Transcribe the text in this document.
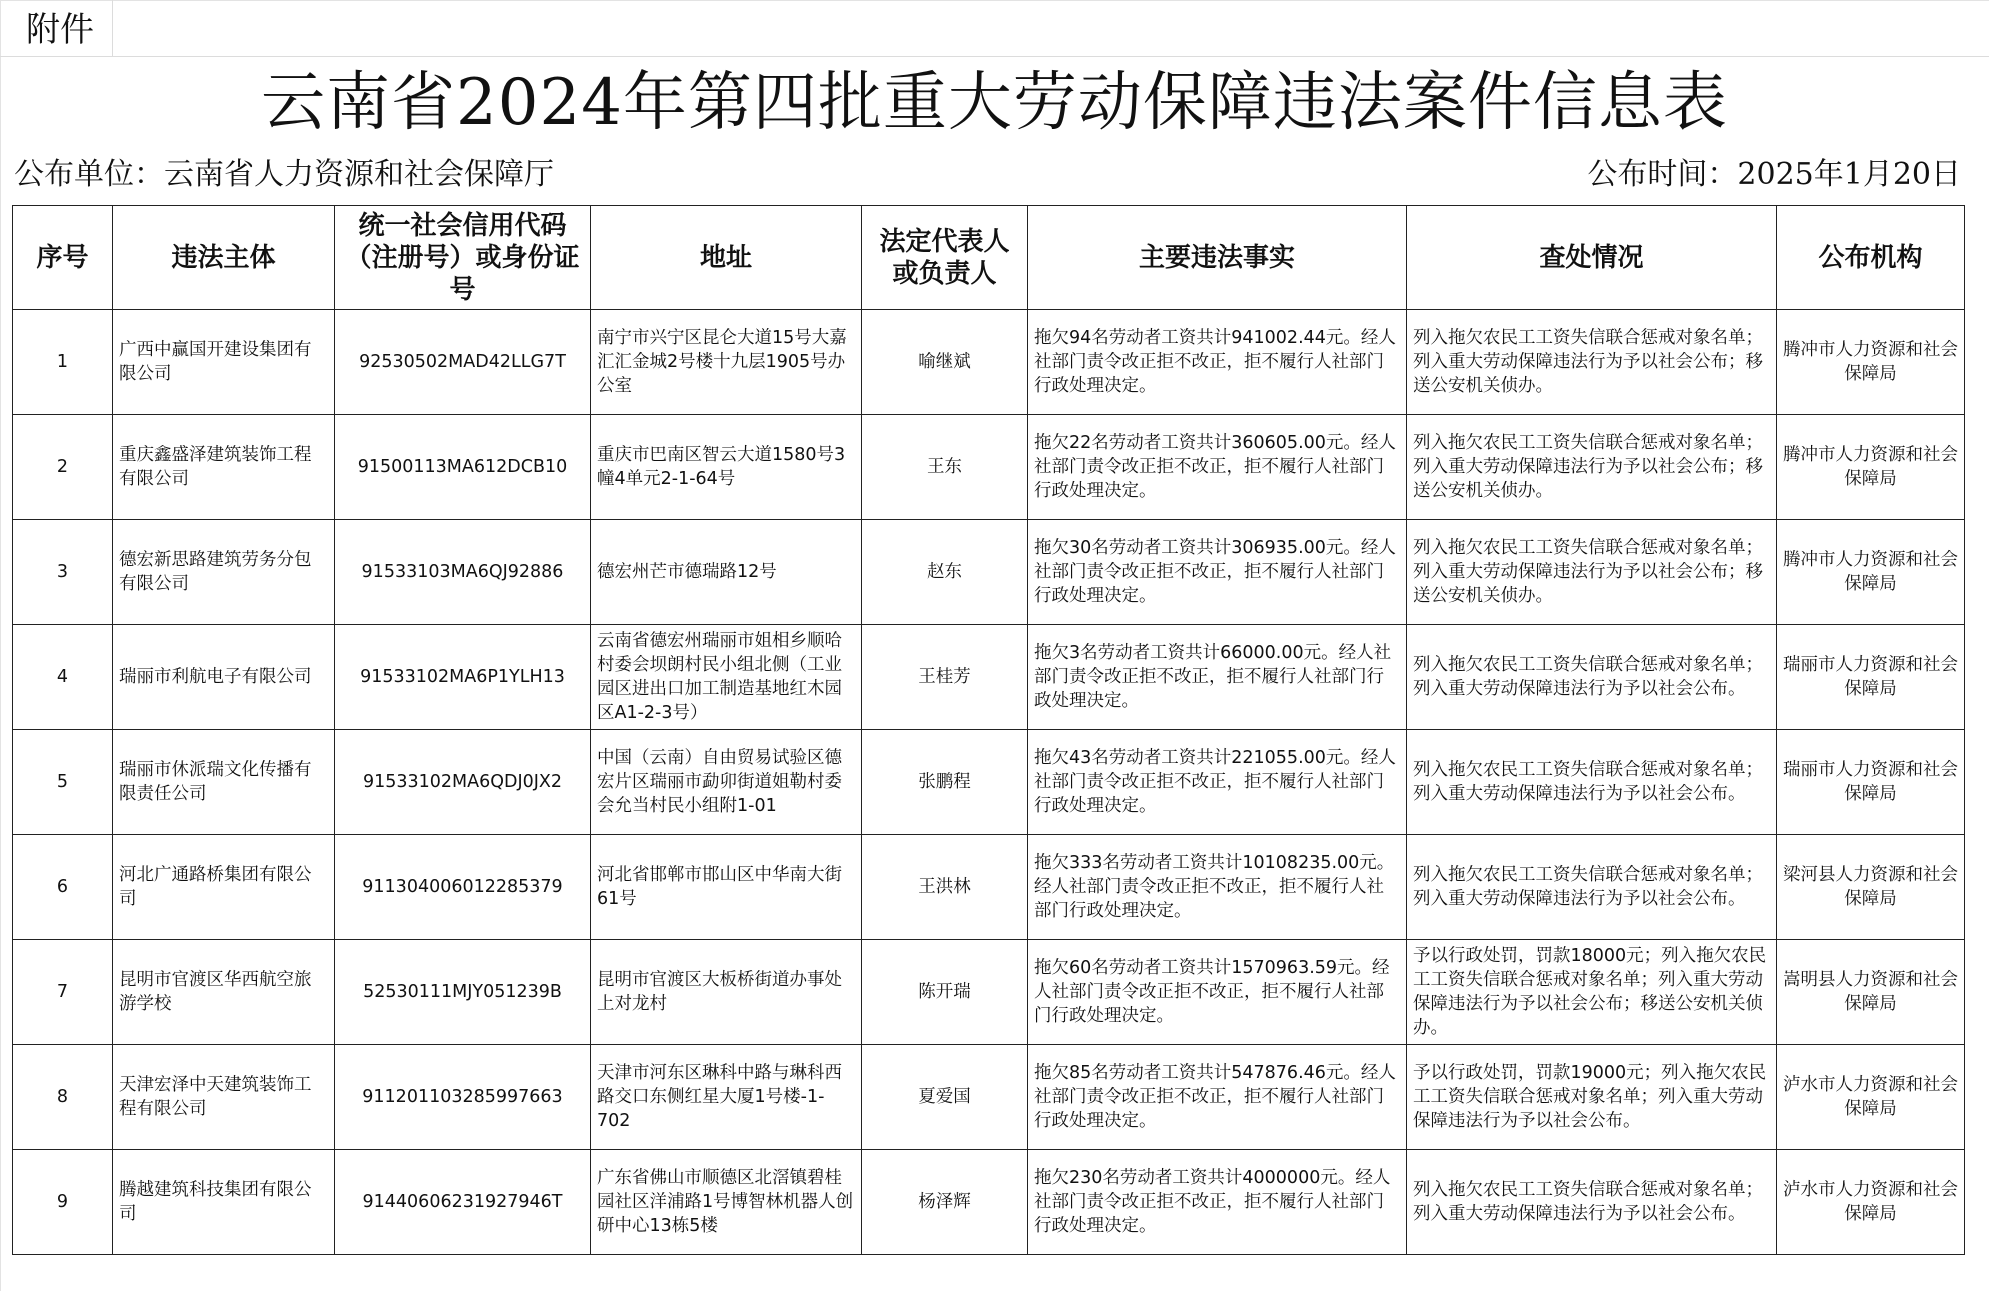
附件
云南省2024年第四批重大劳动保障违法案件信息表
公布单位：云南省人力资源和社会保障厅	公布时间：2025年1月20日
序号	违法主体	统一社会信用代码（注册号）或身份证号	地址	法定代表人或负责人	主要违法事实	查处情况	公布机构
1	广西中赢国开建设集团有限公司	92530502MAD42LLG7T	南宁市兴宁区昆仑大道15号大嘉汇汇金城2号楼十九层1905号办公室	喻继斌	拖欠94名劳动者工资共计941002.44元。经人社部门责令改正拒不改正，拒不履行人社部门行政处理决定。	列入拖欠农民工工资失信联合惩戒对象名单；列入重大劳动保障违法行为予以社会公布；移送公安机关侦办。	腾冲市人力资源和社会保障局
2	重庆鑫盛泽建筑装饰工程有限公司	91500113MA612DCB10	重庆市巴南区智云大道1580号3幢4单元2-1-64号	王东	拖欠22名劳动者工资共计360605.00元。经人社部门责令改正拒不改正，拒不履行人社部门行政处理决定。	列入拖欠农民工工资失信联合惩戒对象名单；列入重大劳动保障违法行为予以社会公布；移送公安机关侦办。	腾冲市人力资源和社会保障局
3	德宏新思路建筑劳务分包有限公司	91533103MA6QJ92886	德宏州芒市德瑞路12号	赵东	拖欠30名劳动者工资共计306935.00元。经人社部门责令改正拒不改正，拒不履行人社部门行政处理决定。	列入拖欠农民工工资失信联合惩戒对象名单；列入重大劳动保障违法行为予以社会公布；移送公安机关侦办。	腾冲市人力资源和社会保障局
4	瑞丽市利航电子有限公司	91533102MA6P1YLH13	云南省德宏州瑞丽市姐相乡顺哈村委会坝朗村民小组北侧（工业园区进出口加工制造基地红木园区A1-2-3号）	王桂芳	拖欠3名劳动者工资共计66000.00元。经人社部门责令改正拒不改正，拒不履行人社部门行政处理决定。	列入拖欠农民工工资失信联合惩戒对象名单；列入重大劳动保障违法行为予以社会公布。	瑞丽市人力资源和社会保障局
5	瑞丽市休派瑞文化传播有限责任公司	91533102MA6QDJ0JX2	中国（云南）自由贸易试验区德宏片区瑞丽市勐卯街道姐勒村委会允当村民小组附1-01	张鹏程	拖欠43名劳动者工资共计221055.00元。经人社部门责令改正拒不改正，拒不履行人社部门行政处理决定。	列入拖欠农民工工资失信联合惩戒对象名单；列入重大劳动保障违法行为予以社会公布。	瑞丽市人力资源和社会保障局
6	河北广通路桥集团有限公司	911304006012285379	河北省邯郸市邯山区中华南大街61号	王洪林	拖欠333名劳动者工资共计10108235.00元。经人社部门责令改正拒不改正，拒不履行人社部门行政处理决定。	列入拖欠农民工工资失信联合惩戒对象名单；列入重大劳动保障违法行为予以社会公布。	梁河县人力资源和社会保障局
7	昆明市官渡区华西航空旅游学校	52530111MJY051239B	昆明市官渡区大板桥街道办事处上对龙村	陈开瑞	拖欠60名劳动者工资共计1570963.59元。经人社部门责令改正拒不改正，拒不履行人社部门行政处理决定。	予以行政处罚，罚款18000元；列入拖欠农民工工资失信联合惩戒对象名单；列入重大劳动保障违法行为予以社会公布；移送公安机关侦办。	嵩明县人力资源和社会保障局
8	天津宏泽中天建筑装饰工程有限公司	911201103285997663	天津市河东区琳科中路与琳科西路交口东侧红星大厦1号楼-1-702	夏爱国	拖欠85名劳动者工资共计547876.46元。经人社部门责令改正拒不改正，拒不履行人社部门行政处理决定。	予以行政处罚，罚款19000元；列入拖欠农民工工资失信联合惩戒对象名单；列入重大劳动保障违法行为予以社会公布。	泸水市人力资源和社会保障局
9	腾越建筑科技集团有限公司	91440606231927946T	广东省佛山市顺德区北滘镇碧桂园社区洋浦路1号博智林机器人创研中心13栋5楼	杨泽辉	拖欠230名劳动者工资共计4000000元。经人社部门责令改正拒不改正，拒不履行人社部门行政处理决定。	列入拖欠农民工工资失信联合惩戒对象名单；列入重大劳动保障违法行为予以社会公布。	泸水市人力资源和社会保障局
